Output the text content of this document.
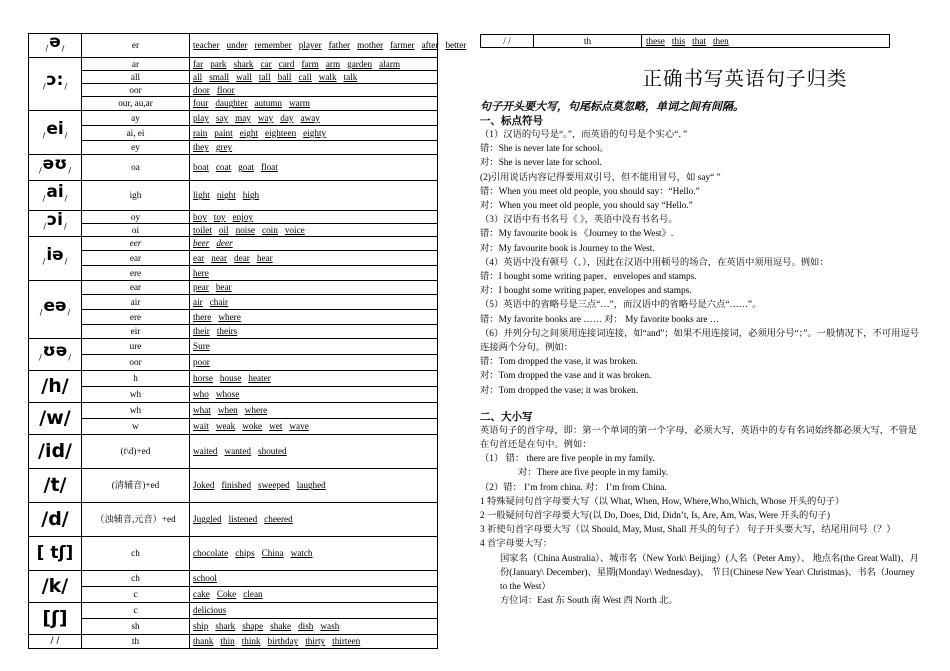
$_/$ə$_/$	er	teacher under remember player father mother farmer after better
$_/ɔ:_/$	ar	far park shark car card farm arm garden alarm
	all	all small wall tall ball call walk talk
	oor	door floor
	our, au,ar	four daughter autumn warm
$_/ei_/$	ay	play say may way day away
	ai, ei	rain paint eight eighteen eighty
	ey	they grey
$_/$əʊ$_/$	oa	boat coat goat float
$_/ai_/$	igh	light night high
$_/$ɔi$_/$	oy	boy toy enjoy
	oi	toilet oil noise coin voice
$_/$iə$_/$	eer	beer deer
	ear	ear near dear hear
	ere	here
$_/$eə$_/$	ear	pear bear
	air	air chair
	ere	there where
	eir	their theirs
$_/$ʊə$_/$	ure	Sure
	oor	poor
/h/	h	horse house heater
	wh	who whose
/w/	wh	what when where
	w	wait weak woke wet wave
/id/	(t\d)+ed	waited wanted shouted
/t/	(清辅音)+ed	Joked finished sweeped laughed
/d/	（浊辅音,元音）+ed	Juggled listened cheered
[ tʃ]	ch	chocolate chips China watch
/k/	ch	school
	c	cake Coke clean
[ʃ]	c	delicious
	sh	ship shark shape shake dish wash
/ /	th	thank thin think birthday thirty thirteen
/ /	th	these this that then
正确书写英语句子归类

句子开头要大写，句尾标点莫忽略，单词之间有间隔。

一、标点符号

（1）汉语的句号是“。”，而英语的句号是个实心“．”

错：She is never late for school。

对：She is never late for school.

(2)引用说话内容记得要用双引号，但不能用冒号，如 say“ ”

错：When you meet old people, you should say：“Hello.”

对：When you meet old people, you should say “Hello.”

（3）汉语中有书名号《 》，英语中没有书名号。

错：My favourite book is 《Journey to the West》.

对：My favourite book is Journey to the West.

（4）英语中没有顿号（、），因此在汉语中用顿号的场合，在英语中须用逗号。例如：

错：I bought some writing paper、envelopes and stamps.

对：I bought some writing paper, envelopes and stamps.

（5）英语中的省略号是三点“…”，而汉语中的省略号是六点“……”。

错：My favorite books are …… 对： My favorite books are …

（6）并列分句之间须用连接词连接，如“and”；如果不用连接词，必须用分号“；”。一般情况下，不可用逗号连接两个分句。例如：

错：Tom dropped the vase, it was broken.

对：Tom dropped the vase and it was broken.

对：Tom dropped the vase; it was broken.

二、大小写

英语句子的首字母，即：第一个单词的第一个字母，必须大写，英语中的专有名词始终都必须大写，不管是在句首还是在句中。例如：

（1） 错： there are five people in my family.

对：There are five people in my family.

（2）错： I’m from china. 对： I’m from China.

1 特殊疑问句首字母要大写（以 What, When, How, Where,Who,Which, Whose 开头的句子）

2 一般疑问句首字母要大写(以 Do, Does, Did, Didn’t, Is, Are, Am, Was, Were 开头的句子)

3 祈使句首字母要大写（以 Should, May, Must, Shall 开头的句子） 句子开头要大写，结尾用问号（？）

4 首字母要大写：

国家名（China Australia）、城市名（New York\ Beijing）(人名（Peter Amy）、 地点名(the Great Wall)、月份(January\ December)、星期(Monday\ Wednesday)、 节日(Chinese New Year\ Christmas)、书名（Journey to the West）

方位词：East 东 South 南 West 西 North 北。
